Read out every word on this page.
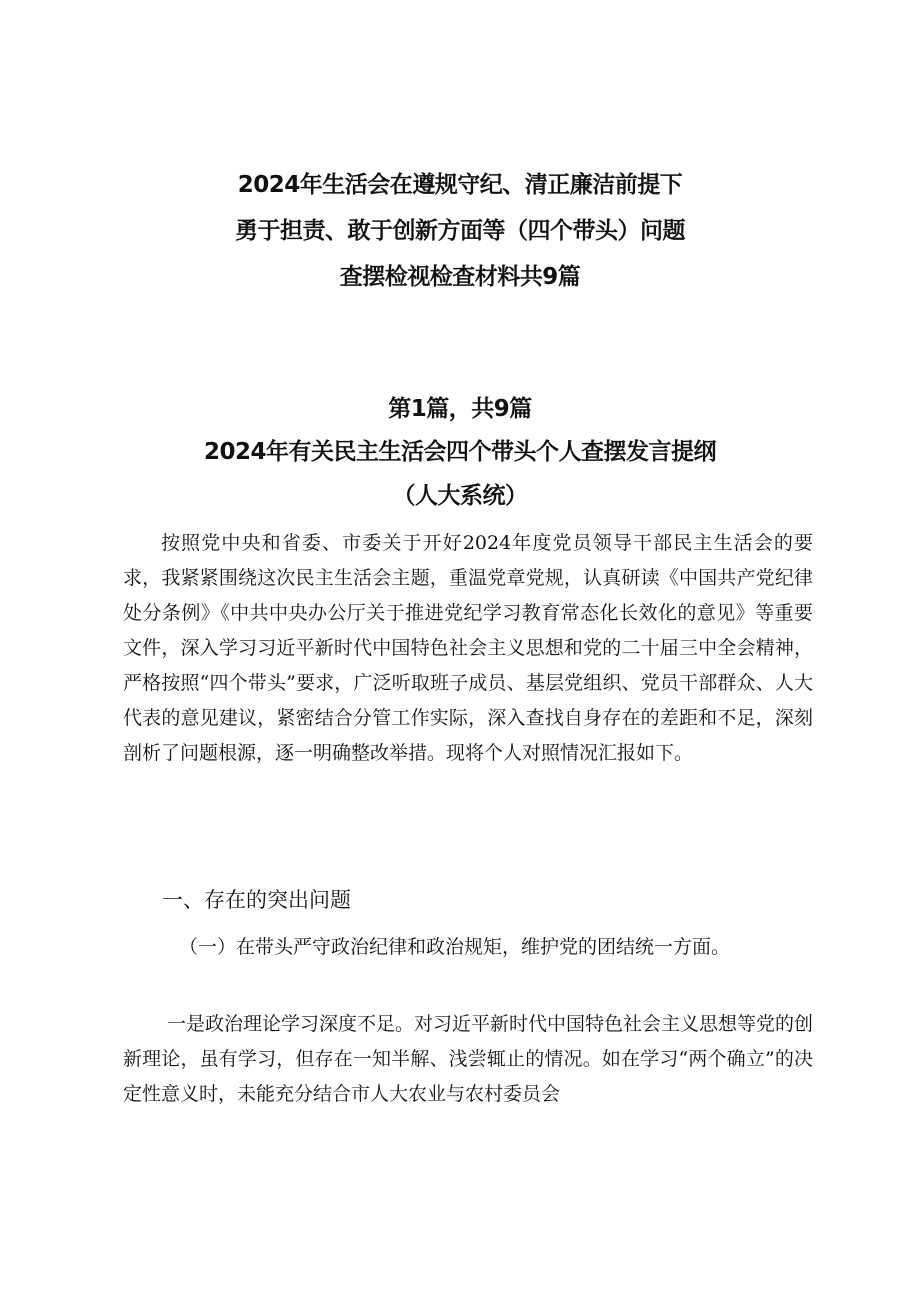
2024年生活会在遵规守纪、清正廉洁前提下
勇于担责、敢于创新方面等（四个带头）问题
查摆检视检查材料共9篇
第1篇，共9篇
2024年有关民主生活会四个带头个人查摆发言提纲
（人大系统）
按照党中央和省委、市委关于开好2024年度党员领导干部民主生活会的要求，我紧紧围绕这次民主生活会主题，重温党章党规，认真研读《中国共产党纪律处分条例》《中共中央办公厅关于推进党纪学习教育常态化长效化的意见》等重要文件，深入学习习近平新时代中国特色社会主义思想和党的二十届三中全会精神，严格按照“四个带头”要求，广泛听取班子成员、基层党组织、党员干部群众、人大代表的意见建议，紧密结合分管工作实际，深入查找自身存在的差距和不足，深刻剖析了问题根源，逐一明确整改举措。现将个人对照情况汇报如下。
一、存在的突出问题
（一）在带头严守政治纪律和政治规矩，维护党的团结统一方面。
一是政治理论学习深度不足。对习近平新时代中国特色社会主义思想等党的创新理论，虽有学习，但存在一知半解、浅尝辄止的情况。如在学习“两个确立”的决定性意义时，未能充分结合市人大农业与农村委员会
